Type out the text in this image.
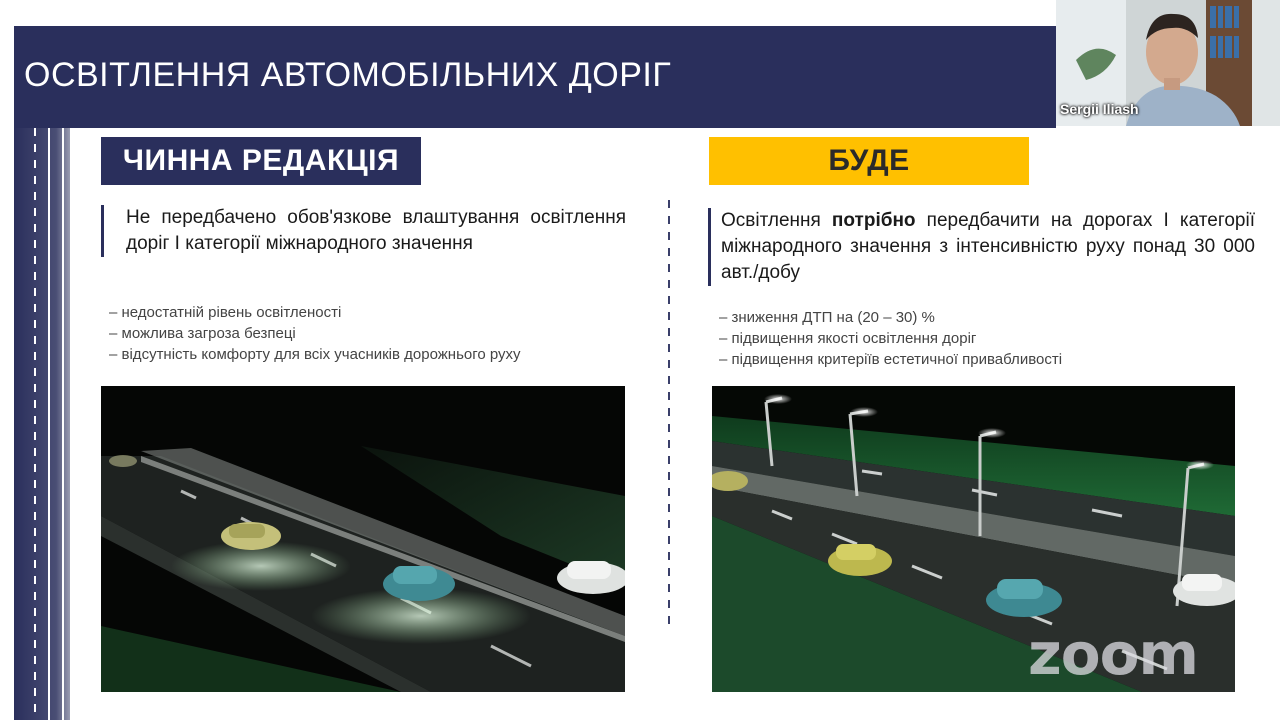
ОСВІТЛЕННЯ АВТОМОБІЛЬНИХ ДОРІГ
ЧИННА РЕДАКЦІЯ	БУДЕ
Не передбачено обов'язкове влаштування освітлення доріг І категорії міжнародного значення
Освітлення потрібно передбачити на дорогах І категорії міжнародного значення з інтенсивністю руху понад 30 000 авт./добу
– недостатній рівень освітленості
– можлива загроза безпеці
– відсутність комфорту для всіх учасників дорожнього руху
– зниження ДТП на (20 – 30) %
– підвищення якості освітлення доріг
– підвищення критеріїв естетичної привабливості
zoom
Sergii Iliash
